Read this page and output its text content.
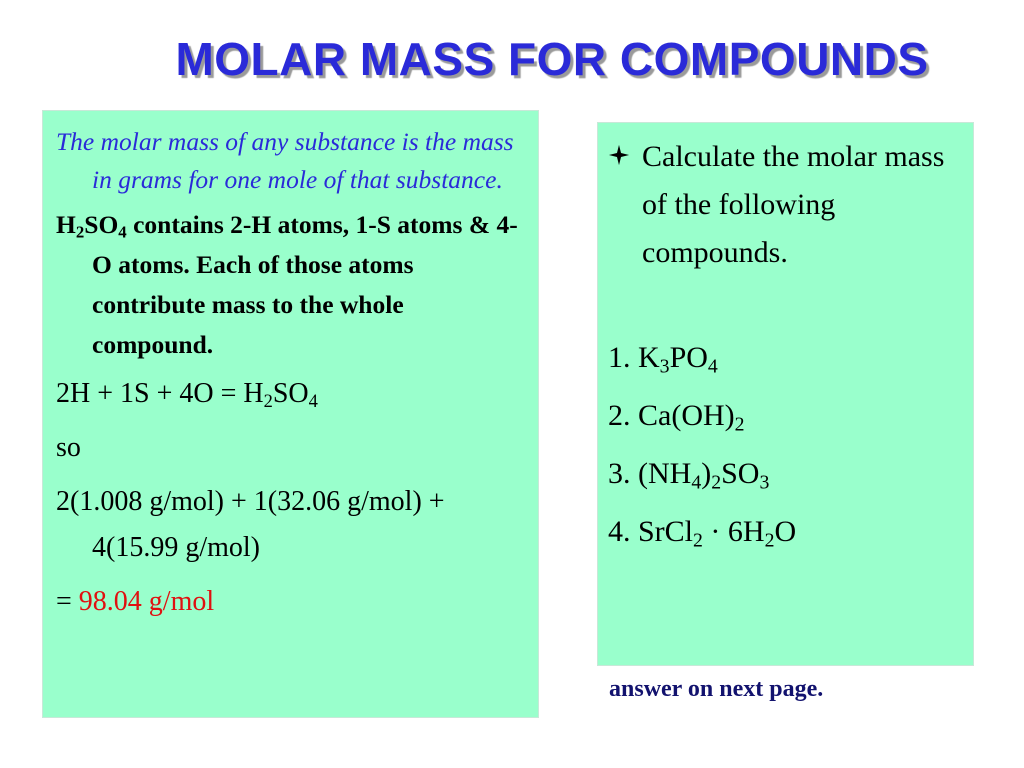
MOLAR MASS FOR COMPOUNDS

The molar mass of any substance is the mass in grams for one mole of that substance.

$H_2SO_4$ contains 2-H atoms, 1-S atoms & 4-O atoms. Each of those atoms contribute mass to the whole compound.

$2H + 1S + 4O = H_2SO_4$

so

2(1.008 g/mol) + 1(32.06 g/mol) + 4(15.99 g/mol)

= 98.04 g/mol

Calculate the molar mass of the following compounds.
1. $K_3PO_4$
2. $Ca(OH)_2$
3. $(NH_4)_2SO_3$
4. SrCl$_2$ · $6H_2O$
answer on next page.
